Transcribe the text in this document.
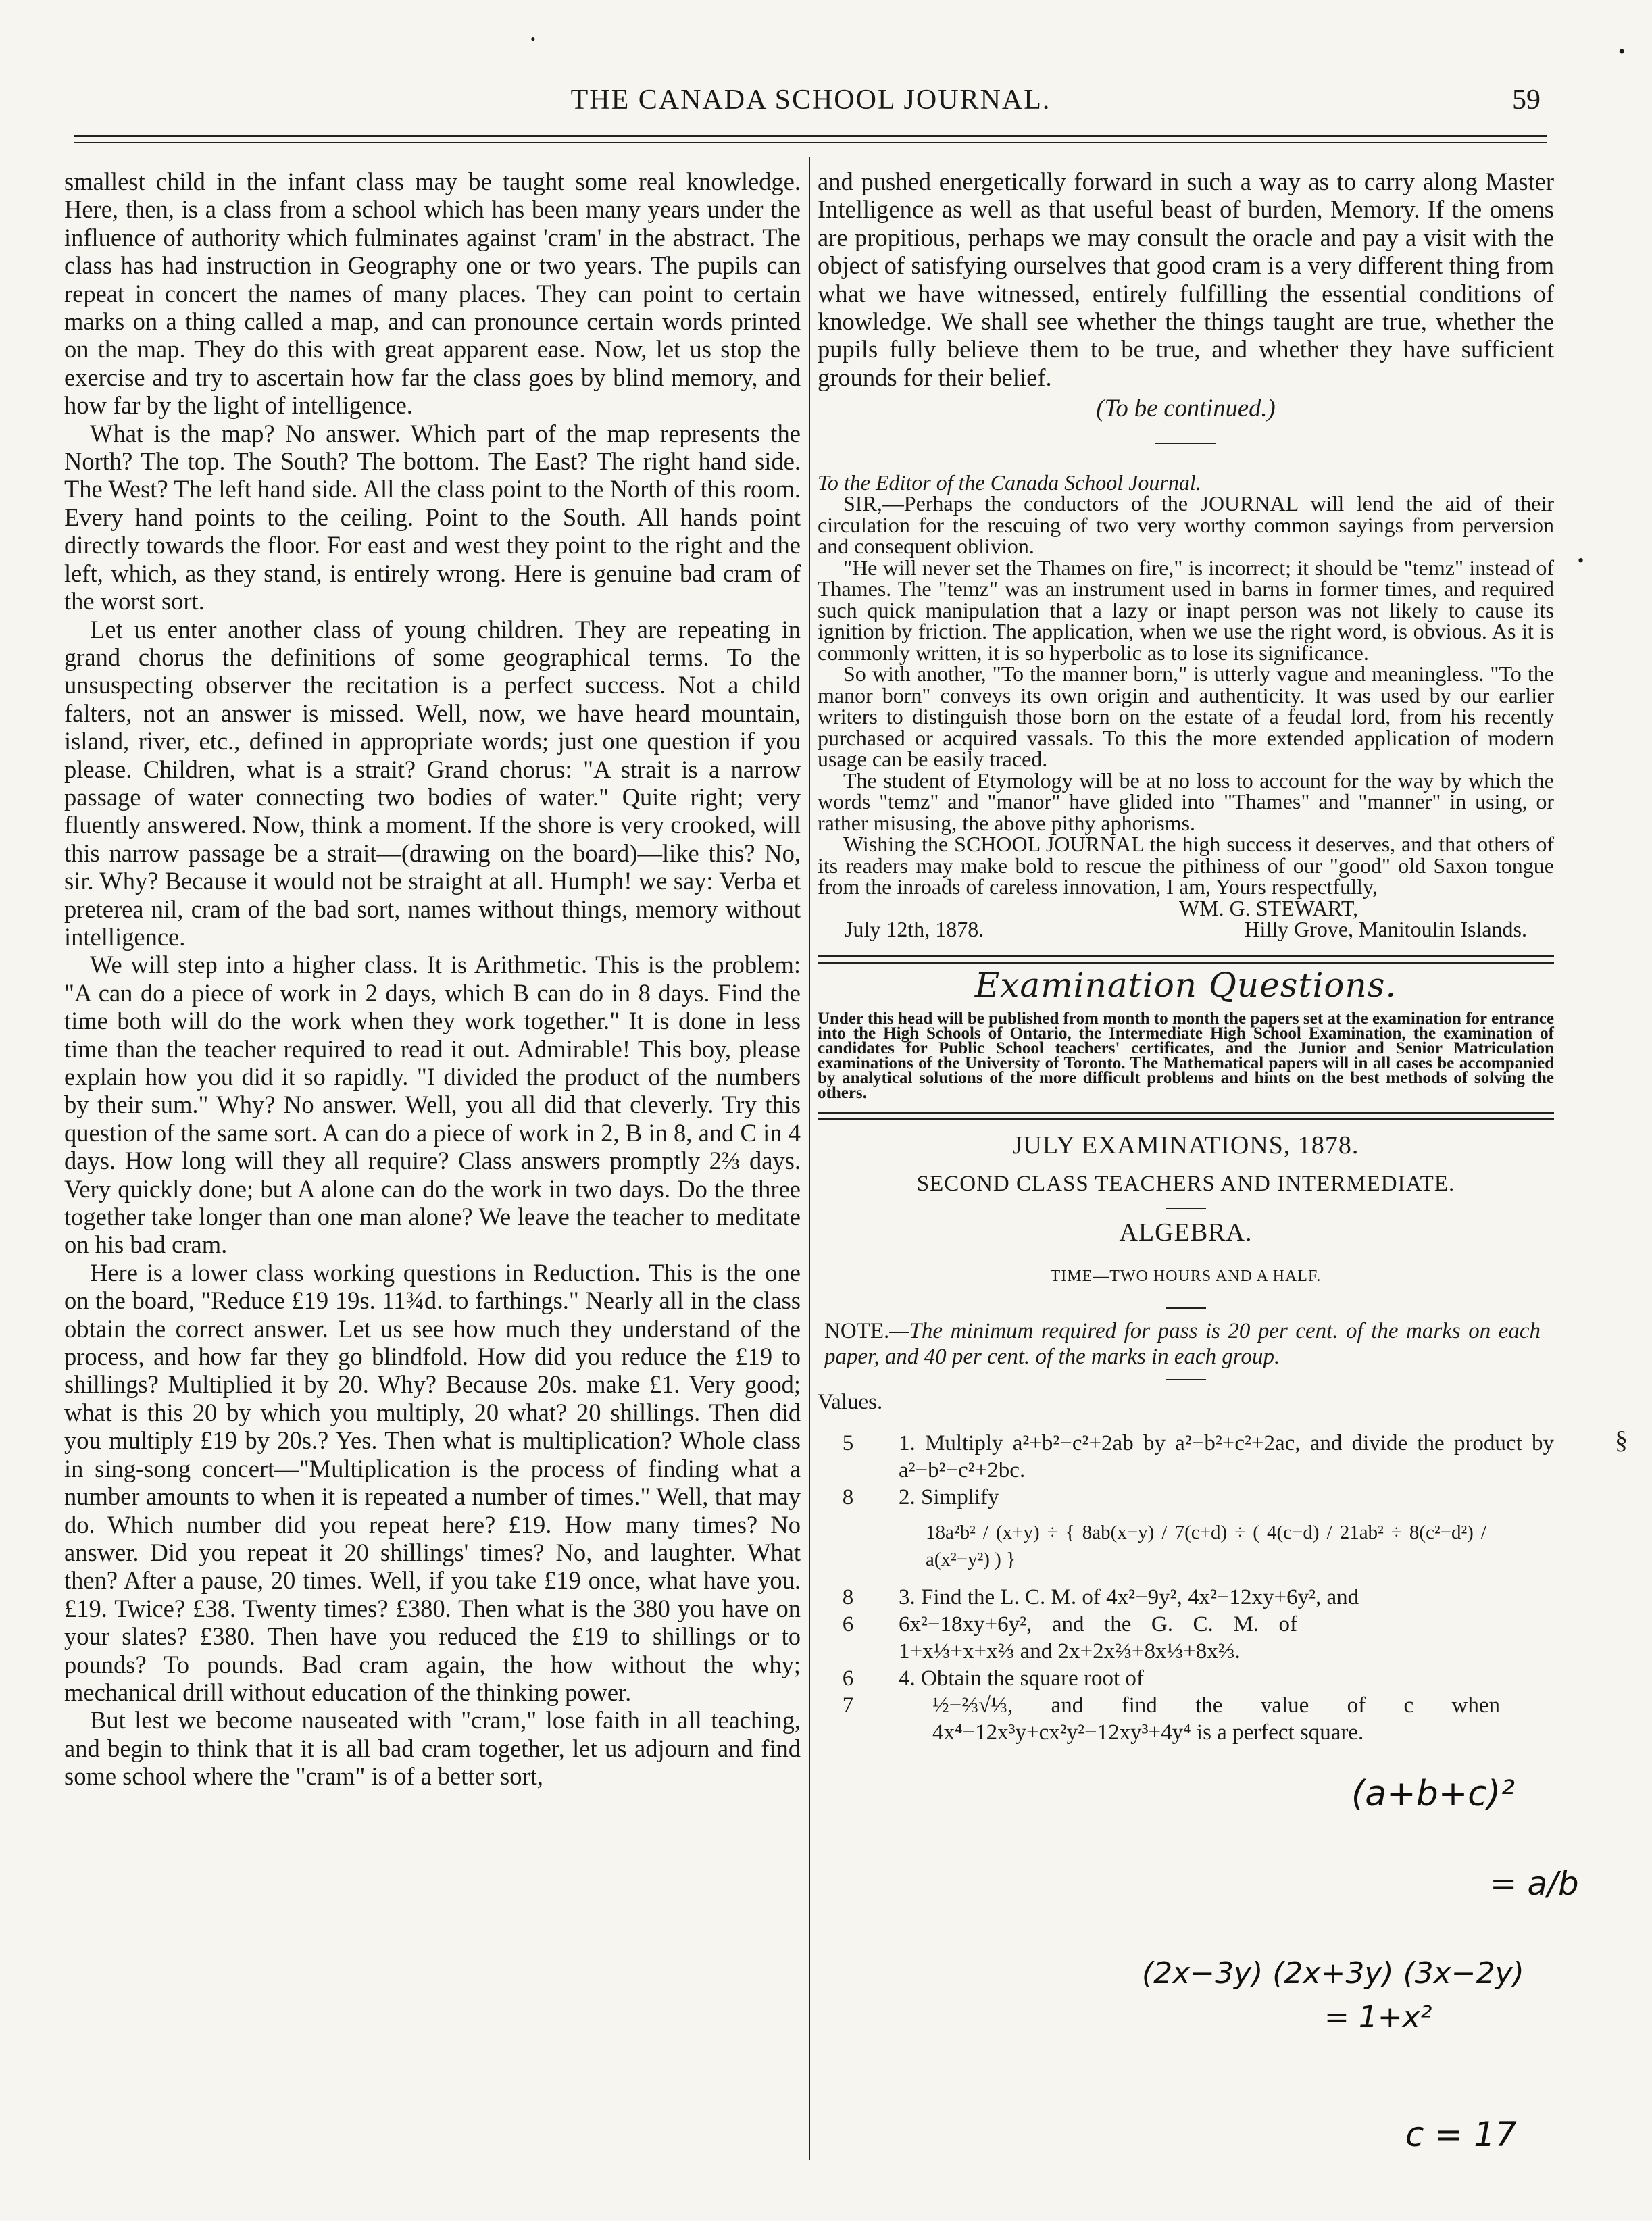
THE CANADA SCHOOL JOURNAL.	59

smallest child in the infant class may be taught some real knowledge. Here, then, is a class from a school which has been many years under the influence of authority which fulminates against 'cram' in the abstract. The class has had instruction in Geography one or two years. The pupils can repeat in concert the names of many places. They can point to certain marks on a thing called a map, and can pronounce certain words printed on the map. They do this with great apparent ease. Now, let us stop the exercise and try to ascertain how far the class goes by blind memory, and how far by the light of intelligence.

What is the map? No answer. Which part of the map represents the North? The top. The South? The bottom. The East? The right hand side. The West? The left hand side. All the class point to the North of this room. Every hand points to the ceiling. Point to the South. All hands point directly towards the floor. For east and west they point to the right and the left, which, as they stand, is entirely wrong. Here is genuine bad cram of the worst sort.

Let us enter another class of young children. They are repeating in grand chorus the definitions of some geographical terms. To the unsuspecting observer the recitation is a perfect success. Not a child falters, not an answer is missed. Well, now, we have heard mountain, island, river, etc., defined in appropriate words; just one question if you please. Children, what is a strait? Grand chorus: "A strait is a narrow passage of water connecting two bodies of water." Quite right; very fluently answered. Now, think a moment. If the shore is very crooked, will this narrow passage be a strait—(drawing on the board)—like this? No, sir. Why? Because it would not be straight at all. Humph! we say: Verba et preterea nil, cram of the bad sort, names without things, memory without intelligence.

We will step into a higher class. It is Arithmetic. This is the problem: "A can do a piece of work in 2 days, which B can do in 8 days. Find the time both will do the work when they work together." It is done in less time than the teacher required to read it out. Admirable! This boy, please explain how you did it so rapidly. "I divided the product of the numbers by their sum." Why? No answer. Well, you all did that cleverly. Try this question of the same sort. A can do a piece of work in 2, B in 8, and C in 4 days. How long will they all require? Class answers promptly 2⅔ days. Very quickly done; but A alone can do the work in two days. Do the three together take longer than one man alone? We leave the teacher to meditate on his bad cram.

Here is a lower class working questions in Reduction. This is the one on the board, "Reduce £19 19s. 11¾d. to farthings." Nearly all in the class obtain the correct answer. Let us see how much they understand of the process, and how far they go blindfold. How did you reduce the £19 to shillings? Multiplied it by 20. Why? Because 20s. make £1. Very good; what is this 20 by which you multiply, 20 what? 20 shillings. Then did you multiply £19 by 20s.? Yes. Then what is multiplication? Whole class in sing-song concert—"Multiplication is the process of finding what a number amounts to when it is repeated a number of times." Well, that may do. Which number did you repeat here? £19. How many times? No answer. Did you repeat it 20 shillings' times? No, and laughter. What then? After a pause, 20 times. Well, if you take £19 once, what have you. £19. Twice? £38. Twenty times? £380. Then what is the 380 you have on your slates? £380. Then have you reduced the £19 to shillings or to pounds? To pounds. Bad cram again, the how without the why; mechanical drill without education of the thinking power.

But lest we become nauseated with "cram," lose faith in all teaching, and begin to think that it is all bad cram together, let us adjourn and find some school where the "cram" is of a better sort,

and pushed energetically forward in such a way as to carry along Master Intelligence as well as that useful beast of burden, Memory. If the omens are propitious, perhaps we may consult the oracle and pay a visit with the object of satisfying ourselves that good cram is a very different thing from what we have witnessed, entirely fulfilling the essential conditions of knowledge. We shall see whether the things taught are true, whether the pupils fully believe them to be true, and whether they have sufficient grounds for their belief.

(To be continued.)

To the Editor of the Canada School Journal.

SIR,—Perhaps the conductors of the JOURNAL will lend the aid of their circulation for the rescuing of two very worthy common sayings from perversion and consequent oblivion.

"He will never set the Thames on fire," is incorrect; it should be "temz" instead of Thames. The "temz" was an instrument used in barns in former times, and required such quick manipulation that a lazy or inapt person was not likely to cause its ignition by friction. The application, when we use the right word, is obvious. As it is commonly written, it is so hyperbolic as to lose its significance.

So with another, "To the manner born," is utterly vague and meaningless. "To the manor born" conveys its own origin and authenticity. It was used by our earlier writers to distinguish those born on the estate of a feudal lord, from his recently purchased or acquired vassals. To this the more extended application of modern usage can be easily traced.

The student of Etymology will be at no loss to account for the way by which the words "temz" and "manor" have glided into "Thames" and "manner" in using, or rather misusing, the above pithy aphorisms.

Wishing the SCHOOL JOURNAL the high success it deserves, and that others of its readers may make bold to rescue the pithiness of our "good" old Saxon tongue from the inroads of careless innovation, I am, Yours respectfully,

WM. G. STEWART,

July 12th, 1878.	Hilly Grove, Manitoulin Islands.
Examination Questions.
Under this head will be published from month to month the papers set at the examination for entrance into the High Schools of Ontario, the Intermediate High School Examination, the examination of candidates for Public School teachers' certificates, and the Junior and Senior Matriculation examinations of the University of Toronto. The Mathematical papers will in all cases be accompanied by analytical solutions of the more difficult problems and hints on the best methods of solving the others.
JULY EXAMINATIONS, 1878.
SECOND CLASS TEACHERS AND INTERMEDIATE.
ALGEBRA.
TIME—TWO HOURS AND A HALF.
NOTE.—The minimum required for pass is 20 per cent. of the marks on each paper, and 40 per cent. of the marks in each group.
Values.
5	1. Multiply a²+b²−c²+2ab by a²−b²+c²+2ac, and divide the product by a²−b²−c²+2bc.
8	2. Simplify
18a²b² / (x+y) ÷ { 8ab(x−y) / 7(c+d) ÷ ( 4(c−d) / 21ab² ÷ 8(c²−d²) / a(x²−y²) ) }
8	3. Find the L. C. M. of 4x²−9y², 4x²−12xy+6y², and
6	6x²−18xy+6y², and the G. C. M. of 1+x⅓+x+x⅔ and 2x+2x⅔+8x⅓+8x⅔.
6	4. Obtain the square root of
7	½−⅔√⅓, and find the value of c when 4x⁴−12x³y+cx²y²−12xy³+4y⁴ is a perfect square.
(a+b+c)²
= a/b
(2x−3y) (2x+3y) (3x−2y)
= 1+x²
c = 17
•
•
•
§
